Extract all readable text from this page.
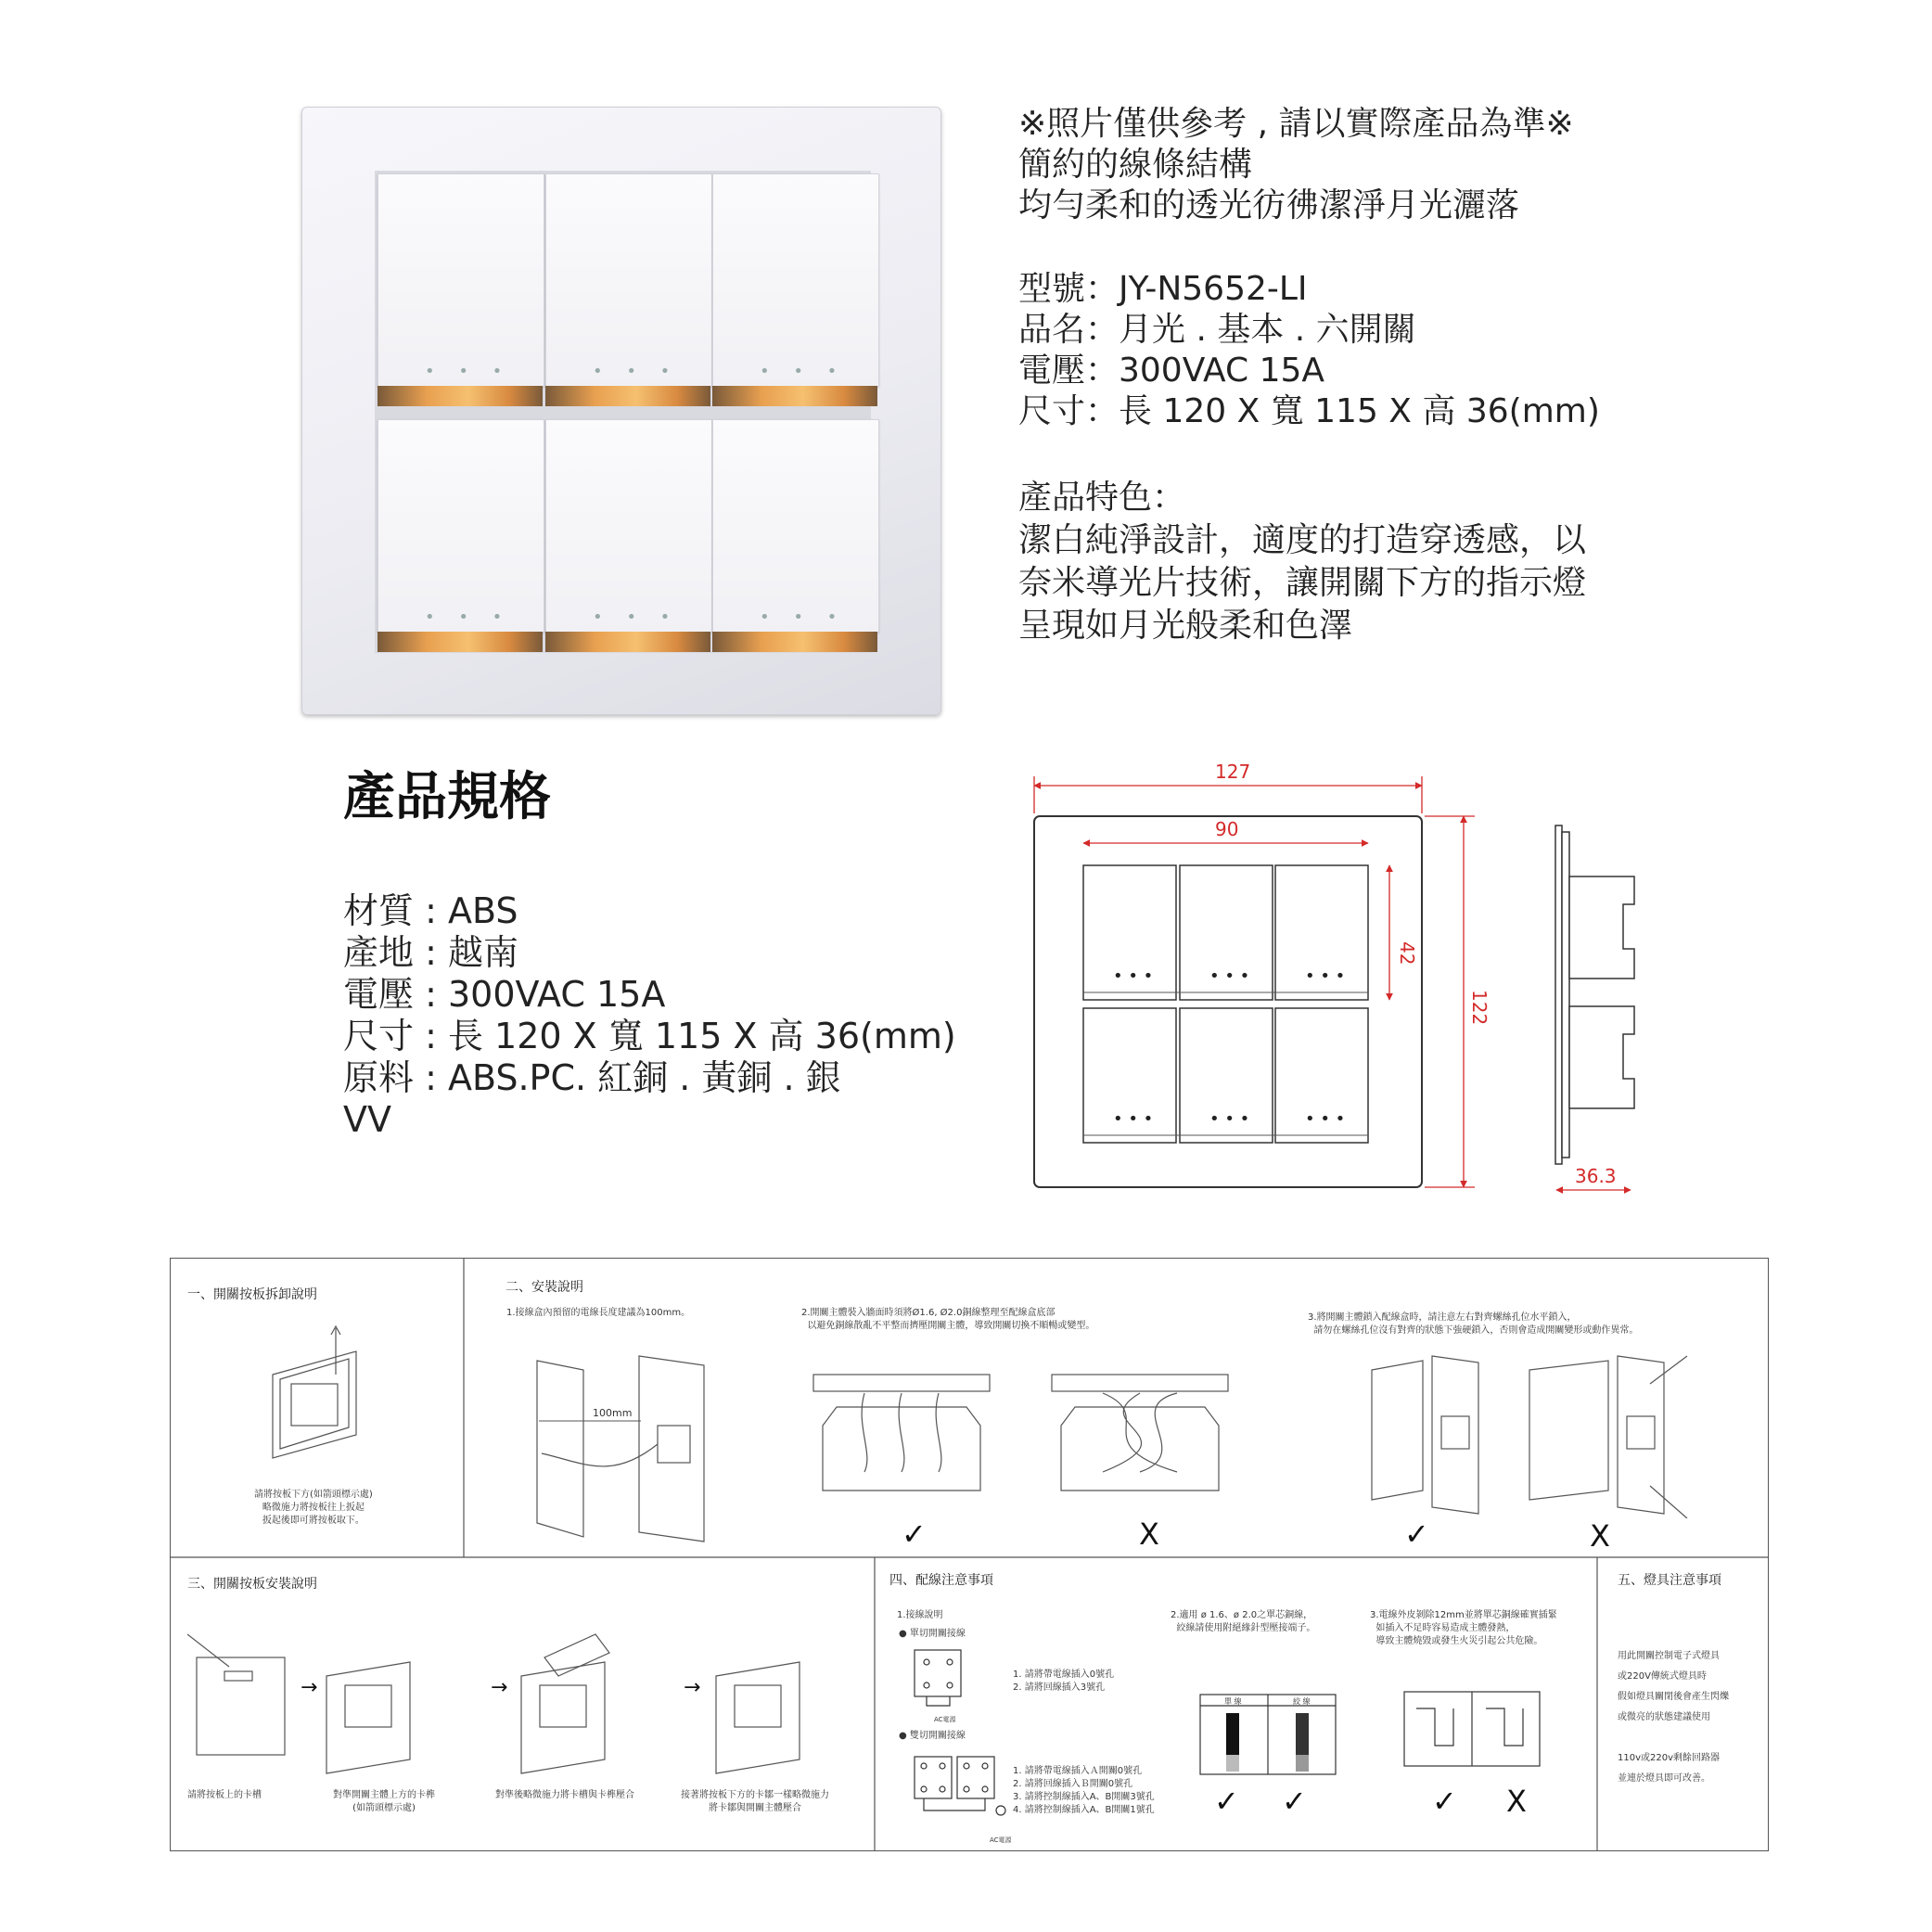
• • •	• • •	• • •
• • •	• • •	• • •
※照片僅供參考 , 請以實際產品為準※
簡約的線條結構
均勻柔和的透光彷彿潔淨月光灑落
型號：JY-N5652-LI
品名：月光 . 基本 . 六開關
電壓：300VAC 15A
尺寸：長 120 X 寬 115 X 高 36(mm)
產品特色：
潔白純淨設計，適度的打造穿透感，以
奈米導光片技術，讓開關下方的指示燈
呈現如月光般柔和色澤
產品規格
材質 : ABS
產地 : 越南
電壓 : 300VAC 15A
尺寸 : 長 120 X 寬 115 X 高 36(mm)
原料 : ABS.PC. 紅銅 . 黃銅 . 銀
VV
• • •	• • •	• • •
• • •	• • •	• • •
127
90
42
122
36.3
一、開關按板拆卸說明
請將按板下方(如箭頭標示處)
略微施力將按板往上扳起
扳起後即可將按板取下。
二、安裝說明
1.接線盒內預留的電線長度建議為100mm。	2.開關主體裝入牆面時須將Ø1.6, Ø2.0銅線整理至配線盒底部
以避免銅線散亂不平整而擠壓開關主體，導致開關切換不順暢或變型。
3.將開關主體鎖入配線盒時，請注意左右對齊螺絲孔位水平鎖入，
請勿在螺絲孔位沒有對齊的狀態下強硬鎖入，否則會造成開關變形或動作異常。
100mm
✓	X	✓	X
三、開關按板安裝說明
→	→	→
請將按板上的卡槽	對準開關主體上方的卡榫
(如箭頭標示處)
對準後略微施力將卡槽與卡榫壓合	接著將按板下方的卡鄒一樣略微施力
將卡鄒與開關主體壓合
四、配線注意事項
1.接線說明
● 單切開關接線
AC電源
1. 請將帶電線插入0號孔
2. 請將回線插入3號孔
● 雙切開關接線
AC電源
1. 請將帶電線插入Ａ開關0號孔
2. 請將回線插入Ｂ開關0號孔
3. 請將控制線插入A、B開關3號孔
4. 請將控制線插入A、B開關1號孔
2.適用 ø 1.6、ø 2.0之單芯銅線，
絞線請使用附絕緣針型壓接端子。
單 線	絞 線
✓ ✓
3.電線外皮剝除12mm並將單芯銅線確實插緊
如插入不足時容易造成主體發熱，
導致主體燒毀或發生火災引起公共危險。
✓ X
五、燈具注意事項
用此開關控制電子式燈具
或220V傳統式燈具時
假如燈具關閉後會產生閃爍
或微亮的狀態建議使用

110v或220v剩餘回路器
並連於燈具即可改善。
